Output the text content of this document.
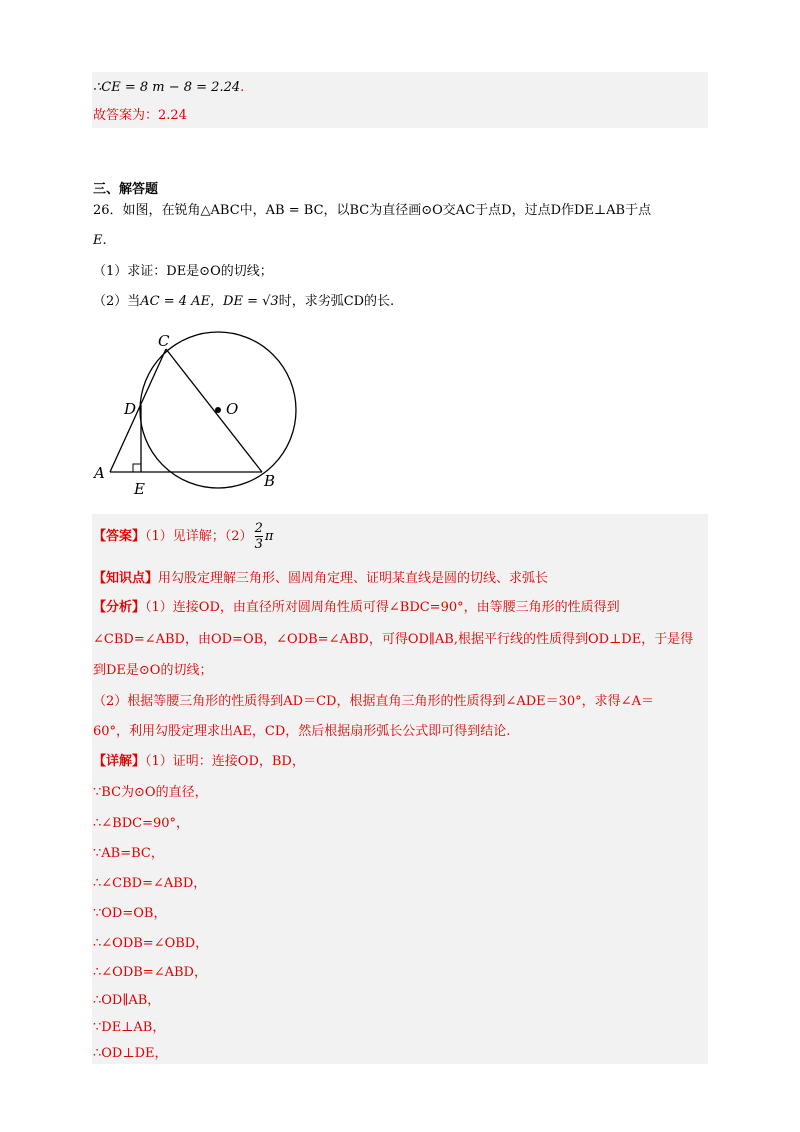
∴CE = 8 m − 8 = 2.24.
故答案为：2.24
三、解答题
26．如图，在锐角△ABC中，AB = BC，以BC为直径画⊙O交AC于点D，过点D作DE⊥AB于点
E.
（1）求证：DE是⊙O的切线；
（2）当AC = 4 AE，DE = √3时，求劣弧CD的长.
C
D	O
A
E	B
【答案】（1）见详解；$(2) \frac{2}{3}$ π
【知识点】用勾股定理解三角形、圆周角定理、证明某直线是圆的切线、求弧长
【分析】（1）连接OD，由直径所对圆周角性质可得∠BDC=90°，由等腰三角形的性质得到
∠CBD=∠ABD，由OD=OB，∠ODB=∠ABD，可得OD∥AB,根据平行线的性质得到OD⊥DE，于是得
到DE是⊙O的切线；
（2）根据等腰三角形的性质得到AD＝CD，根据直角三角形的性质得到∠ADE＝30°，求得∠A＝
60°，利用勾股定理求出AE，CD，然后根据扇形弧长公式即可得到结论.
【详解】（1）证明：连接OD，BD，
∵BC为⊙O的直径，
∴∠BDC=90°，
∵AB=BC，
∴∠CBD=∠ABD，
∵OD=OB，
∴∠ODB=∠OBD，
∴∠ODB=∠ABD，
∴OD∥AB，
∵DE⊥AB，
∴OD⊥DE，
